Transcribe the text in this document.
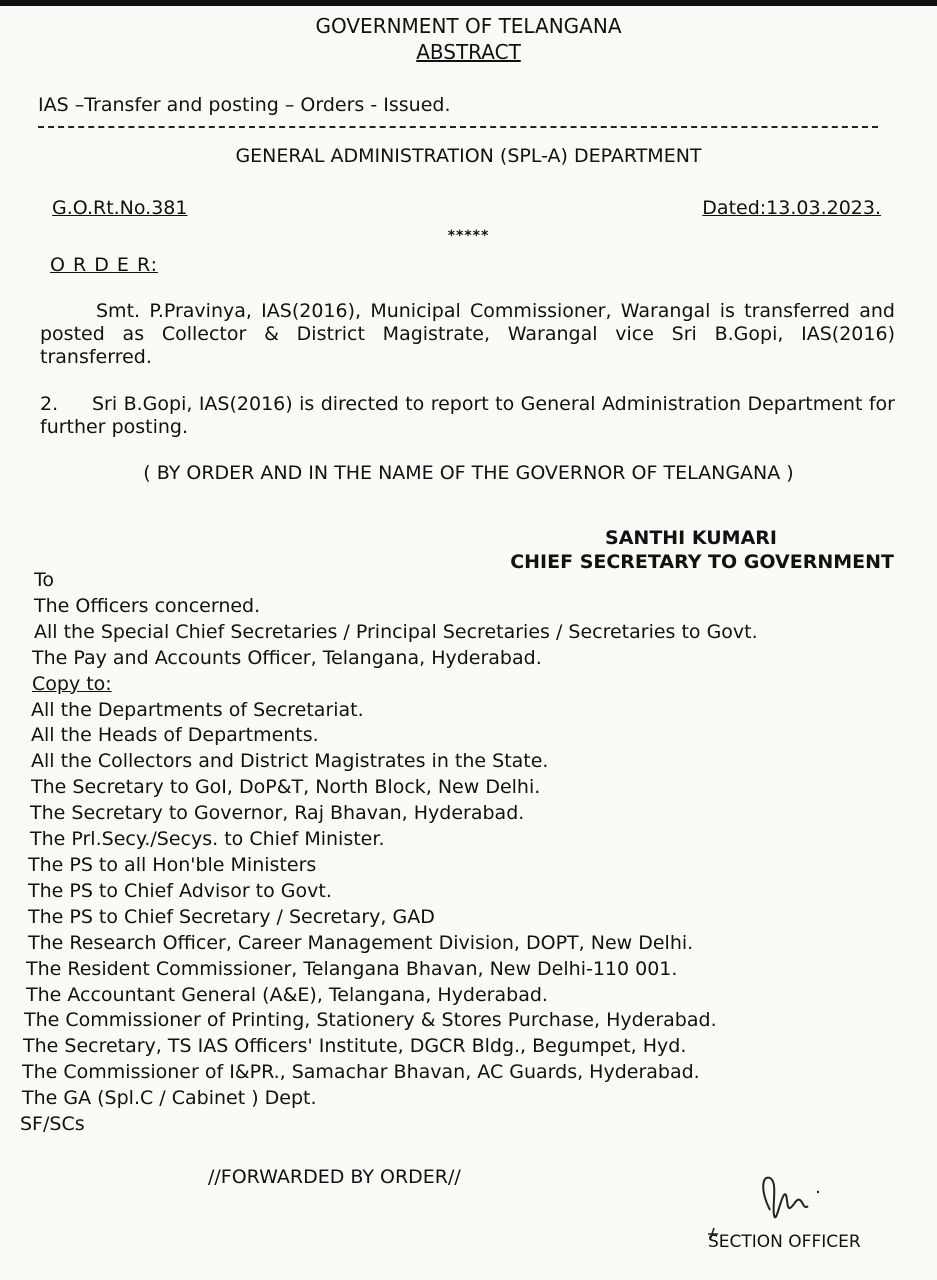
GOVERNMENT OF TELANGANA
ABSTRACT
IAS –Transfer and posting – Orders - Issued.
GENERAL ADMINISTRATION (SPL-A) DEPARTMENT
G.O.Rt.No.381	Dated:13.03.2023.
*****
O R D E R:
Smt. P.Pravinya, IAS(2016), Municipal Commissioner, Warangal is transferred and posted as Collector & District Magistrate, Warangal vice Sri B.Gopi, IAS(2016) transferred.
2. Sri B.Gopi, IAS(2016) is directed to report to General Administration Department for further posting.
( BY ORDER AND IN THE NAME OF THE GOVERNOR OF TELANGANA )
SANTHI KUMARI
CHIEF SECRETARY TO GOVERNMENT
To
The Officers concerned.
All the Special Chief Secretaries / Principal Secretaries / Secretaries to Govt.
The Pay and Accounts Officer, Telangana, Hyderabad.
Copy to:
All the Departments of Secretariat.
All the Heads of Departments.
All the Collectors and District Magistrates in the State.
The Secretary to GoI, DoP&T, North Block, New Delhi.
The Secretary to Governor, Raj Bhavan, Hyderabad.
The Prl.Secy./Secys. to Chief Minister.
The PS to all Hon'ble Ministers
The PS to Chief Advisor to Govt.
The PS to Chief Secretary / Secretary, GAD
The Research Officer, Career Management Division, DOPT, New Delhi.
The Resident Commissioner, Telangana Bhavan, New Delhi-110 001.
The Accountant General (A&E), Telangana, Hyderabad.
The Commissioner of Printing, Stationery & Stores Purchase, Hyderabad.
The Secretary, TS IAS Officers' Institute, DGCR Bldg., Begumpet, Hyd.
The Commissioner of I&PR., Samachar Bhavan, AC Guards, Hyderabad.
The GA (Spl.C / Cabinet ) Dept.
SF/SCs
//FORWARDED BY ORDER//
SECTION OFFICER
